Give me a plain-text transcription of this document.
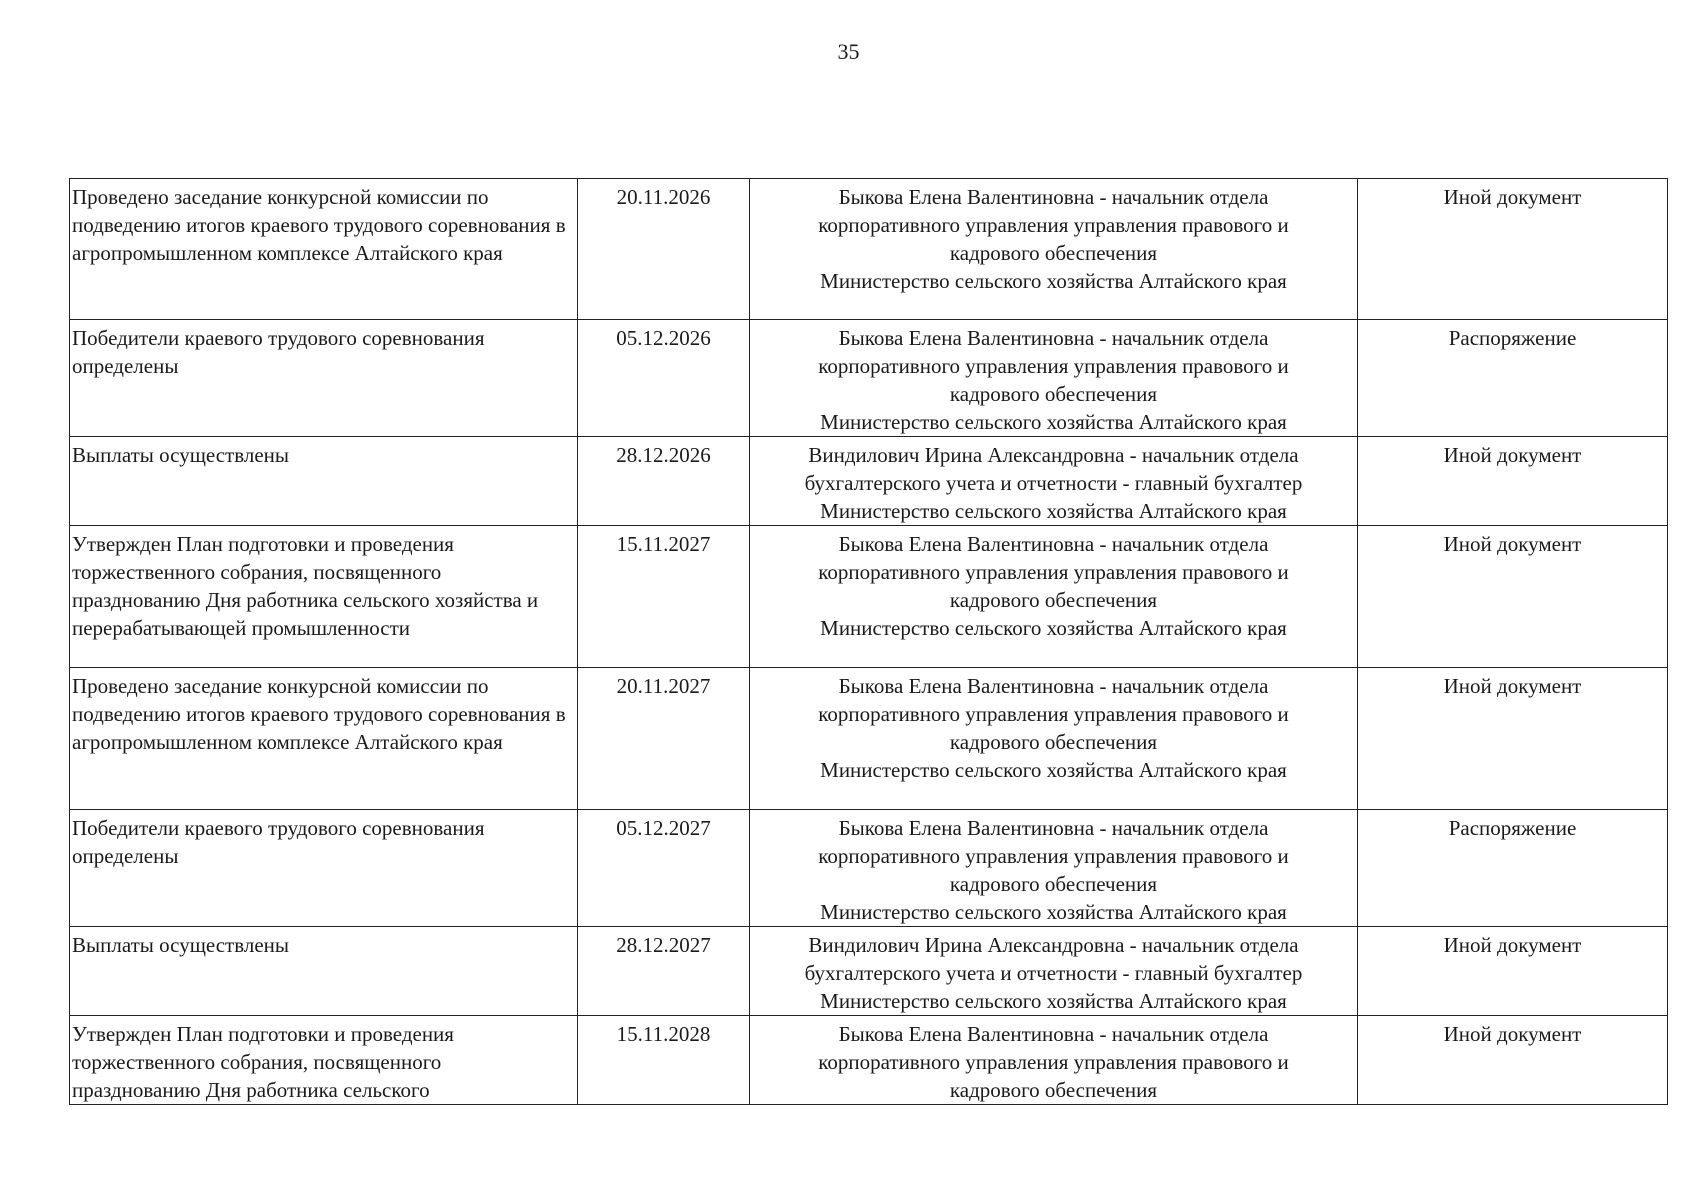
35
Проведено заседание конкурсной комиссии по подведению итогов краевого трудового соревнования в агропромышленном комплексе Алтайского края	20.11.2026	Быкова Елена Валентиновна - начальник отдела
корпоративного управления управления правового и
кадрового обеспечения
Министерство сельского хозяйства Алтайского края	Иной документ
Победители краевого трудового соревнования определены	05.12.2026	Быкова Елена Валентиновна - начальник отдела
корпоративного управления управления правового и
кадрового обеспечения
Министерство сельского хозяйства Алтайского края	Распоряжение
Выплаты осуществлены	28.12.2026	Виндилович Ирина Александровна - начальник отдела
бухгалтерского учета и отчетности - главный бухгалтер
Министерство сельского хозяйства Алтайского края	Иной документ
Утвержден План подготовки и проведения торжественного собрания, посвященного празднованию Дня работника сельского хозяйства и перерабатывающей промышленности	15.11.2027	Быкова Елена Валентиновна - начальник отдела
корпоративного управления управления правового и
кадрового обеспечения
Министерство сельского хозяйства Алтайского края	Иной документ
Проведено заседание конкурсной комиссии по подведению итогов краевого трудового соревнования в агропромышленном комплексе Алтайского края	20.11.2027	Быкова Елена Валентиновна - начальник отдела
корпоративного управления управления правового и
кадрового обеспечения
Министерство сельского хозяйства Алтайского края	Иной документ
Победители краевого трудового соревнования определены	05.12.2027	Быкова Елена Валентиновна - начальник отдела
корпоративного управления управления правового и
кадрового обеспечения
Министерство сельского хозяйства Алтайского края	Распоряжение
Выплаты осуществлены	28.12.2027	Виндилович Ирина Александровна - начальник отдела
бухгалтерского учета и отчетности - главный бухгалтер
Министерство сельского хозяйства Алтайского края	Иной документ
Утвержден План подготовки и проведения торжественного собрания, посвященного празднованию Дня работника сельского	15.11.2028	Быкова Елена Валентиновна - начальник отдела
корпоративного управления управления правового и
кадрового обеспечения	Иной документ
